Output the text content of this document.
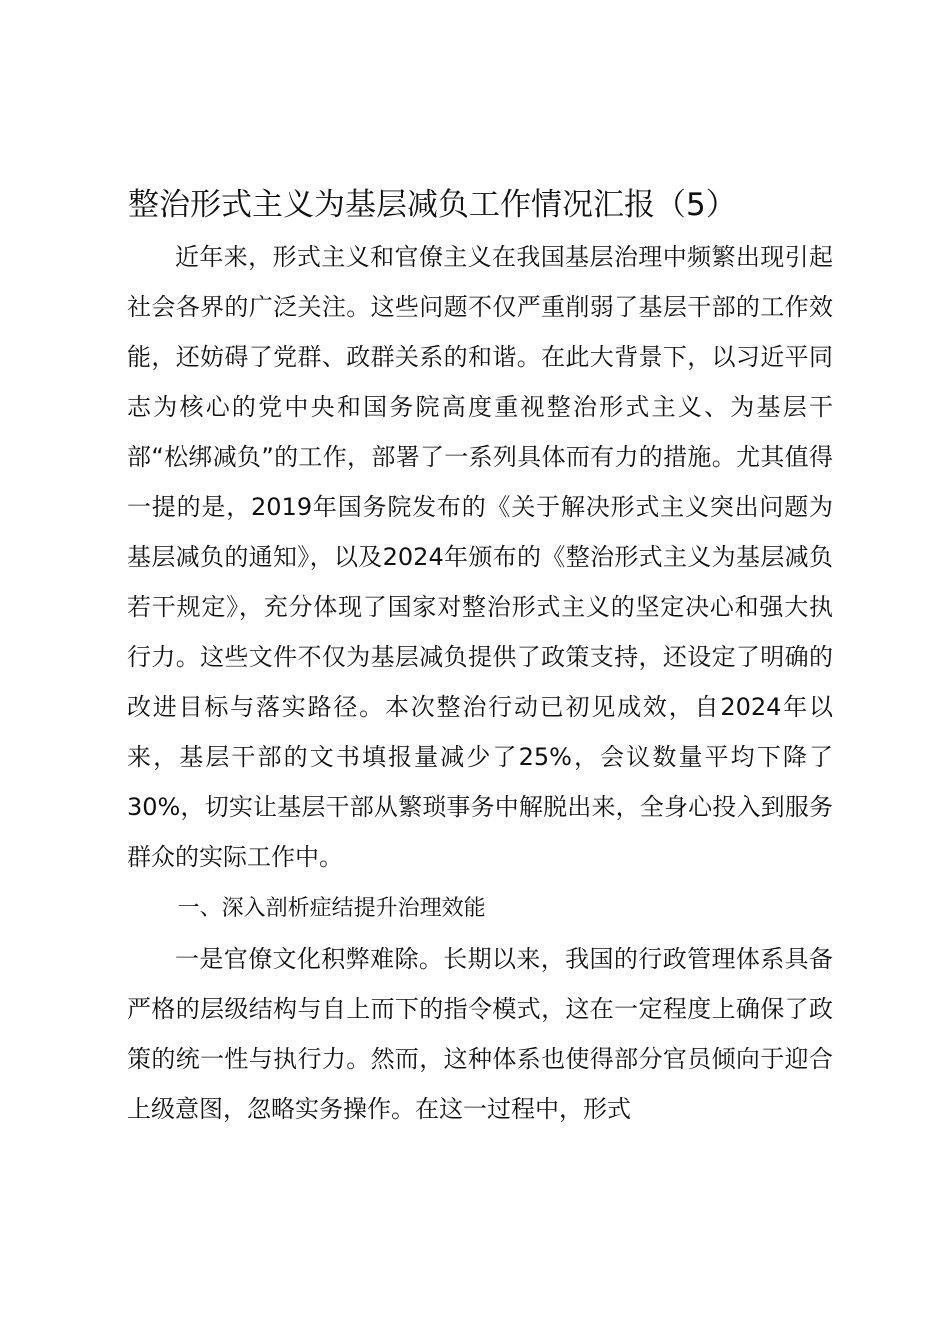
整治形式主义为基层减负工作情况汇报（5）

近年来，形式主义和官僚主义在我国基层治理中频繁出现引起社会各界的广泛关注。这些问题不仅严重削弱了基层干部的工作效能，还妨碍了党群、政群关系的和谐。在此大背景下，以习近平同志为核心的党中央和国务院高度重视整治形式主义、为基层干部“松绑减负”的工作，部署了一系列具体而有力的措施。尤其值得一提的是，2019年国务院发布的《关于解决形式主义突出问题为基层减负的通知》，以及2024年颁布的《整治形式主义为基层减负若干规定》，充分体现了国家对整治形式主义的坚定决心和强大执行力。这些文件不仅为基层减负提供了政策支持，还设定了明确的改进目标与落实路径。本次整治行动已初见成效，自2024年以来，基层干部的文书填报量减少了25%，会议数量平均下降了30%，切实让基层干部从繁琐事务中解脱出来，全身心投入到服务群众的实际工作中。

一、深入剖析症结提升治理效能

一是官僚文化积弊难除。长期以来，我国的行政管理体系具备严格的层级结构与自上而下的指令模式，这在一定程度上确保了政策的统一性与执行力。然而，这种体系也使得部分官员倾向于迎合上级意图，忽略实务操作。在这一过程中，形式
